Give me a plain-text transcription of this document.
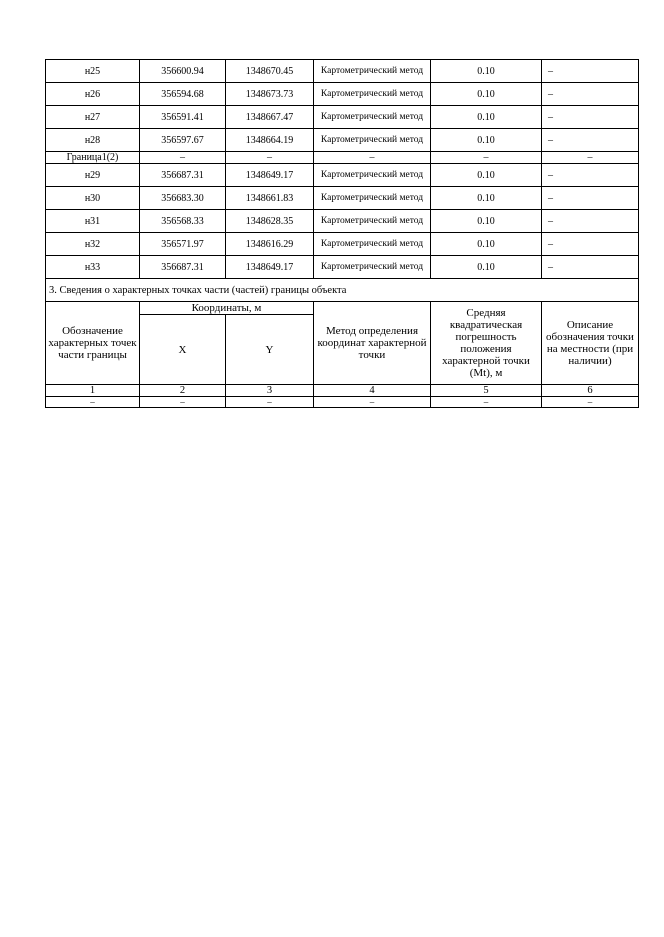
н25	356600.94	1348670.45	Картометрический метод	0.10	–
н26	356594.68	1348673.73	Картометрический метод	0.10	–
н27	356591.41	1348667.47	Картометрический метод	0.10	–
н28	356597.67	1348664.19	Картометрический метод	0.10	–
Граница1(2)	–	–	–	–	–
н29	356687.31	1348649.17	Картометрический метод	0.10	–
н30	356683.30	1348661.83	Картометрический метод	0.10	–
н31	356568.33	1348628.35	Картометрический метод	0.10	–
н32	356571.97	1348616.29	Картометрический метод	0.10	–
н33	356687.31	1348649.17	Картометрический метод	0.10	–
3. Сведения о характерных точках части (частей) границы объекта					
Обозначение характерных точек части границы	Координаты, м		Метод определения координат характерной точки	Средняя квадратическая погрешность положения характерной точки (Mt), м	Описание обозначения точки на местности (при наличии)
	X	Y			
1	2	3	4	5	6
–	–	–	–	–	–
